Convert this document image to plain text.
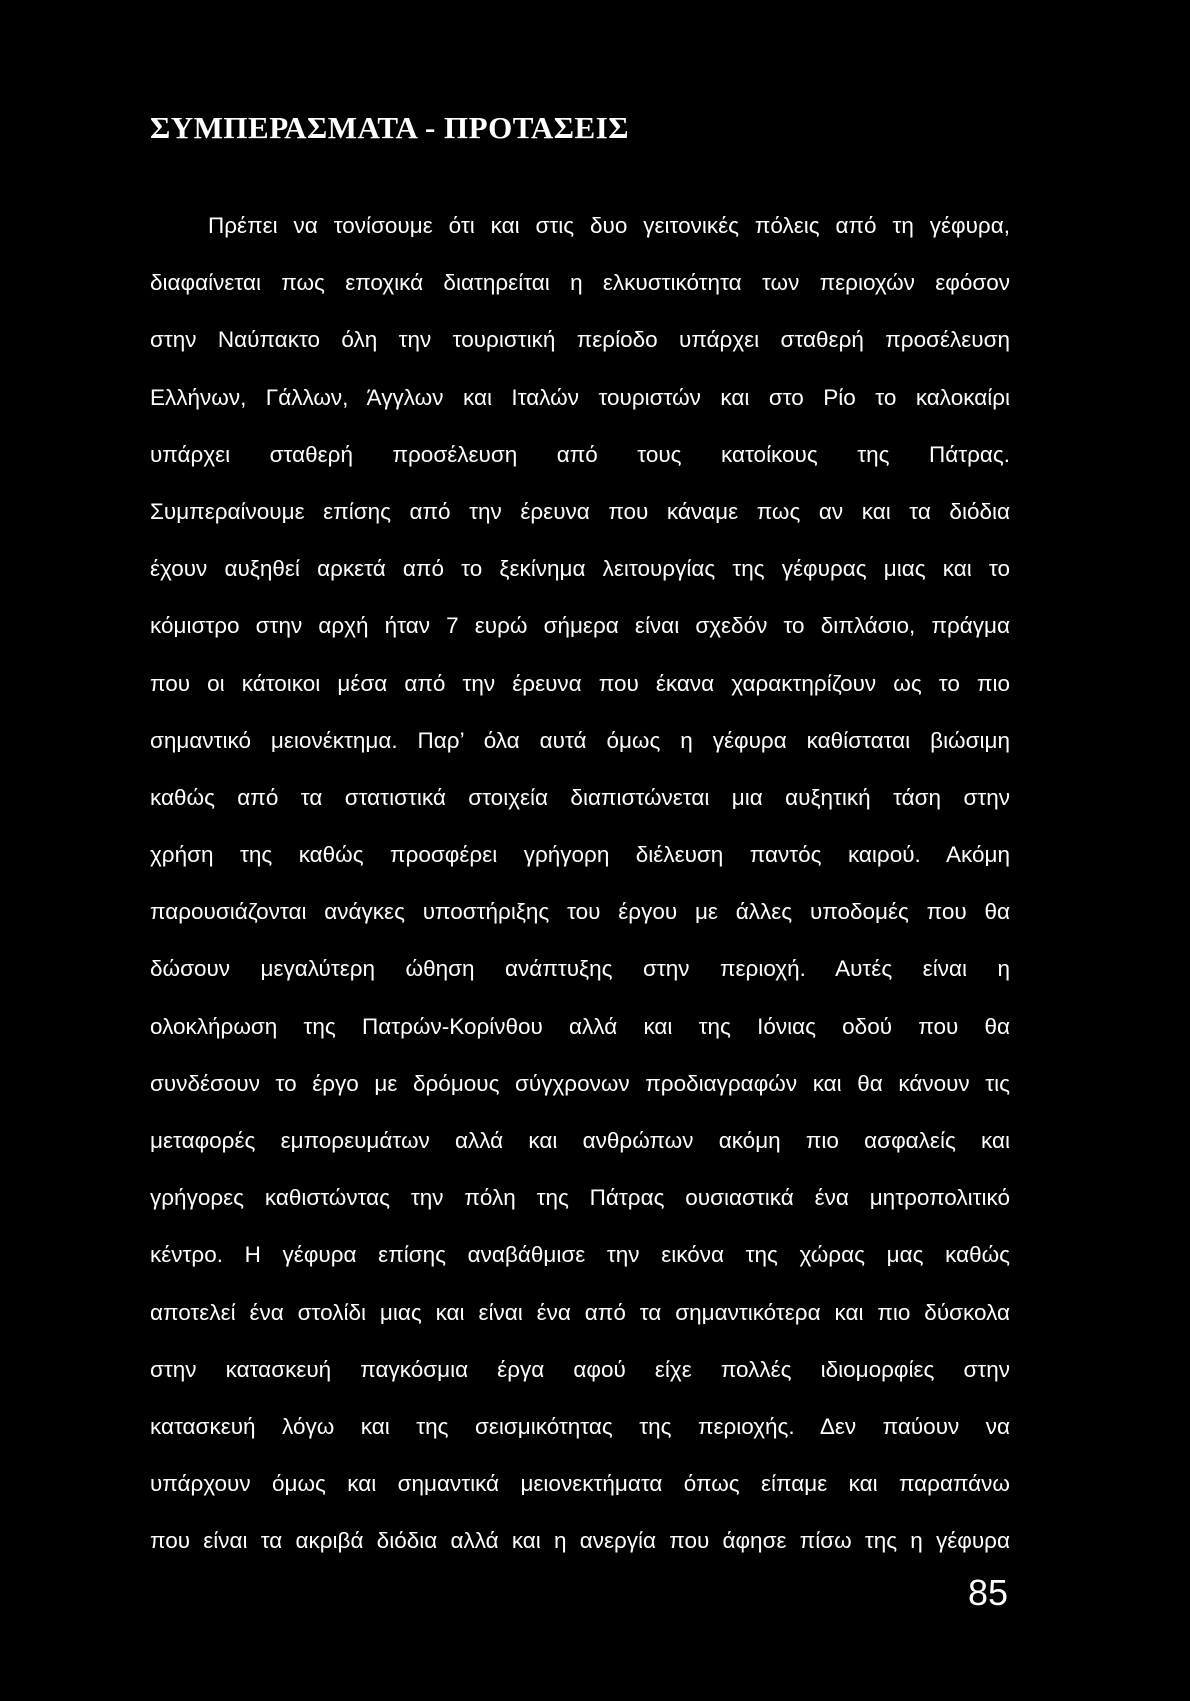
ΣΥΜΠΕΡΑΣΜΑΤΑ - ΠΡΟΤΑΣΕΙΣ
Πρέπει να τονίσουμε ότι και στις δυο γειτονικές πόλεις από τη γέφυρα,
διαφαίνεται πως εποχικά διατηρείται η ελκυστικότητα των περιοχών εφόσον
στην Ναύπακτο όλη την τουριστική περίοδο υπάρχει σταθερή προσέλευση
Ελλήνων, Γάλλων, Άγγλων και Ιταλών τουριστών και στο Ρίο το καλοκαίρι
υπάρχει σταθερή προσέλευση από τους κατοίκους της Πάτρας.
Συμπεραίνουμε επίσης από την έρευνα που κάναμε πως αν και τα διόδια
έχουν αυξηθεί αρκετά από το ξεκίνημα λειτουργίας της γέφυρας μιας και το
κόμιστρο στην αρχή ήταν 7 ευρώ σήμερα είναι σχεδόν το διπλάσιο, πράγμα
που οι κάτοικοι μέσα από την έρευνα που έκανα χαρακτηρίζουν ως το πιο
σημαντικό μειονέκτημα. Παρ’ όλα αυτά όμως η γέφυρα καθίσταται βιώσιμη
καθώς από τα στατιστικά στοιχεία διαπιστώνεται μια αυξητική τάση στην
χρήση της καθώς προσφέρει γρήγορη διέλευση παντός καιρού. Ακόμη
παρουσιάζονται ανάγκες υποστήριξης του έργου με άλλες υποδομές που θα
δώσουν μεγαλύτερη ώθηση ανάπτυξης στην περιοχή. Αυτές είναι η
ολοκλήρωση της Πατρών-Κορίνθου αλλά και της Ιόνιας οδού που θα
συνδέσουν το έργο με δρόμους σύγχρονων προδιαγραφών και θα κάνουν τις
μεταφορές εμπορευμάτων αλλά και ανθρώπων ακόμη πιο ασφαλείς και
γρήγορες καθιστώντας την πόλη της Πάτρας ουσιαστικά ένα μητροπολιτικό
κέντρο. Η γέφυρα επίσης αναβάθμισε την εικόνα της χώρας μας καθώς
αποτελεί ένα στολίδι μιας και είναι ένα από τα σημαντικότερα και πιο δύσκολα
στην κατασκευή παγκόσμια έργα αφού είχε πολλές ιδιομορφίες στην
κατασκευή λόγω και της σεισμικότητας της περιοχής. Δεν παύουν να
υπάρχουν όμως και σημαντικά μειονεκτήματα όπως είπαμε και παραπάνω
που είναι τα ακριβά διόδια αλλά και η ανεργία που άφησε πίσω της η γέφυρα
85
